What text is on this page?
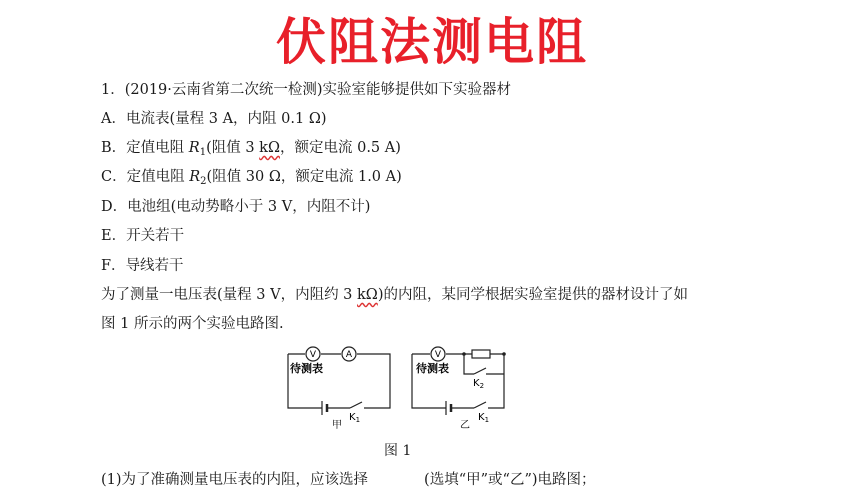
伏阻法测电阻
1．(2019·云南省第二次统一检测)实验室能够提供如下实验器材
A．电流表(量程 3 A，内阻 0.1 Ω)
B．定值电阻 $R_1$(阻值 3 kΩ，额定电流 0.5 A)
C．定值电阻 $R_2$(阻值 30 Ω，额定电流 1.0 A)
D．电池组(电动势略小于 3 V，内阻不计)
E．开关若干
F．导线若干
为了测量一电压表(量程 3 V，内阻约 3 kΩ)的内阻，某同学根据实验室提供的器材设计了如
图 1 所示的两个实验电路图.
V	A	V
待测表	待测表
$K_1$
甲
$K_2$
$K_1$
乙
图 1
(1)为了准确测量电压表的内阻，应该选择	(选填“甲”或“乙”)电路图；
